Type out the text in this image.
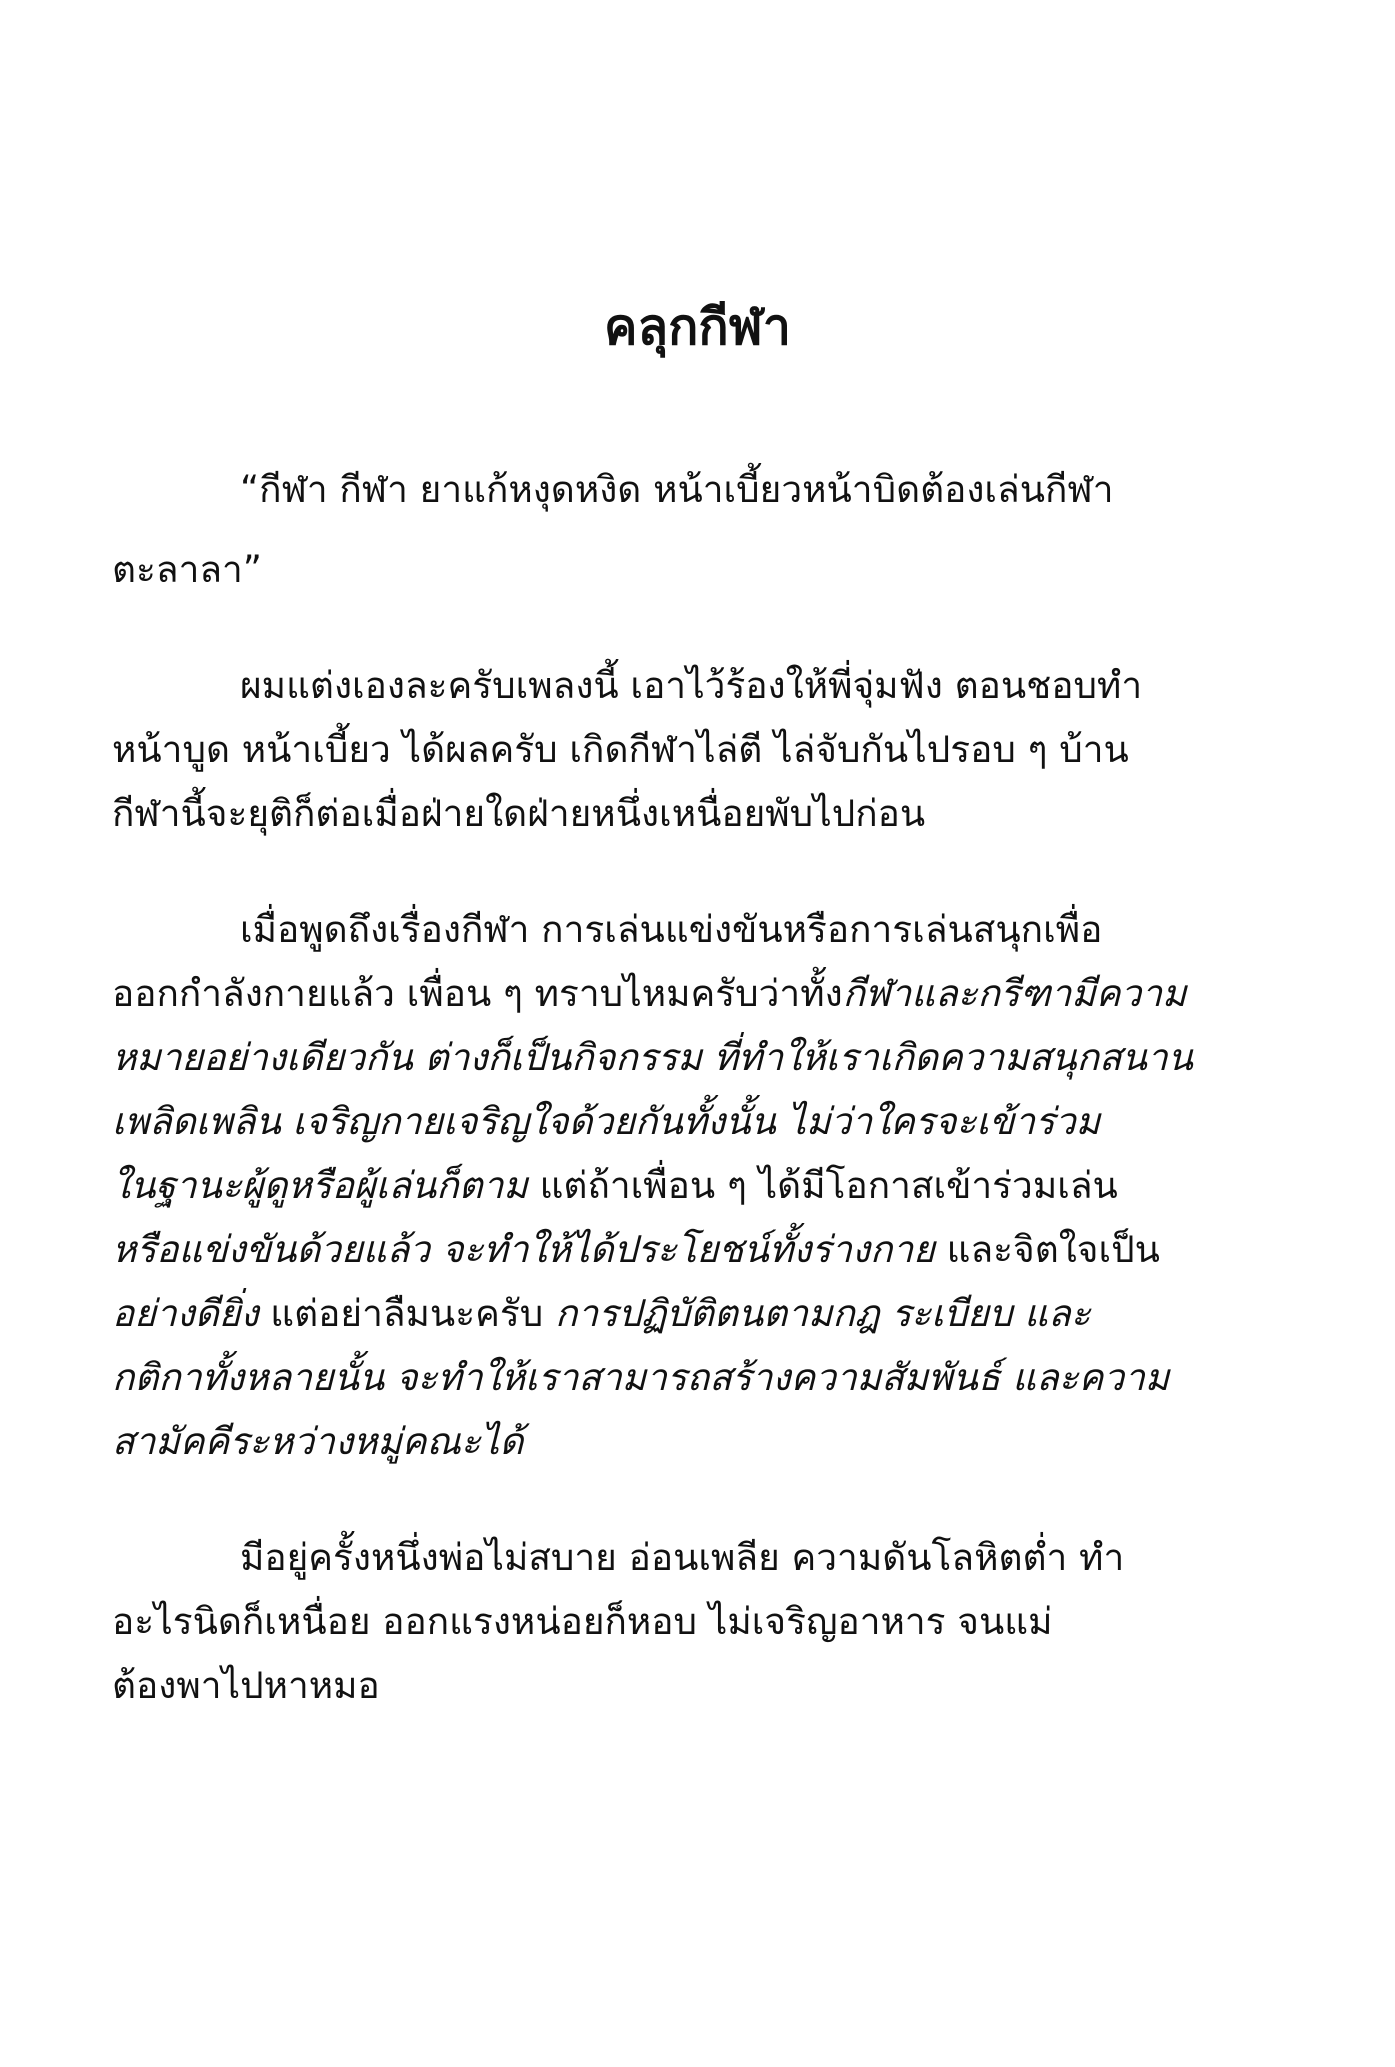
คลุกกีฬา
“กีฬา กีฬา ยาแก้หงุดหงิด หน้าเบี้ยวหน้าบิดต้องเล่นกีฬา
ตะลาลา”
ผมแต่งเองละครับเพลงนี้ เอาไว้ร้องให้พี่จุ่มฟัง ตอนชอบทำ
หน้าบูด หน้าเบี้ยว ได้ผลครับ เกิดกีฬาไล่ตี ไล่จับกันไปรอบ ๆ บ้าน
กีฬานี้จะยุติก็ต่อเมื่อฝ่ายใดฝ่ายหนึ่งเหนื่อยพับไปก่อน
เมื่อพูดถึงเรื่องกีฬา การเล่นแข่งขันหรือการเล่นสนุกเพื่อ
ออกกำลังกายแล้ว เพื่อน ๆ ทราบไหมครับว่าทั้งกีฬาและกรีฑามีความ
หมายอย่างเดียวกัน ต่างก็เป็นกิจกรรม ที่ทำให้เราเกิดความสนุกสนาน
เพลิดเพลิน เจริญกายเจริญใจด้วยกันทั้งนั้น ไม่ว่าใครจะเข้าร่วม
ในฐานะผู้ดูหรือผู้เล่นก็ตาม แต่ถ้าเพื่อน ๆ ได้มีโอกาสเข้าร่วมเล่น
หรือแข่งขันด้วยแล้ว จะทำให้ได้ประโยชน์ทั้งร่างกาย และจิตใจเป็น
อย่างดียิ่ง แต่อย่าลืมนะครับ การปฏิบัติตนตามกฎ ระเบียบ และ
กติกาทั้งหลายนั้น จะทำให้เราสามารถสร้างความสัมพันธ์ และความ
สามัคคีระหว่างหมู่คณะได้
มีอยู่ครั้งหนึ่งพ่อไม่สบาย อ่อนเพลีย ความดันโลหิตต่ำ ทำ
อะไรนิดก็เหนื่อย ออกแรงหน่อยก็หอบ ไม่เจริญอาหาร จนแม่
ต้องพาไปหาหมอ
